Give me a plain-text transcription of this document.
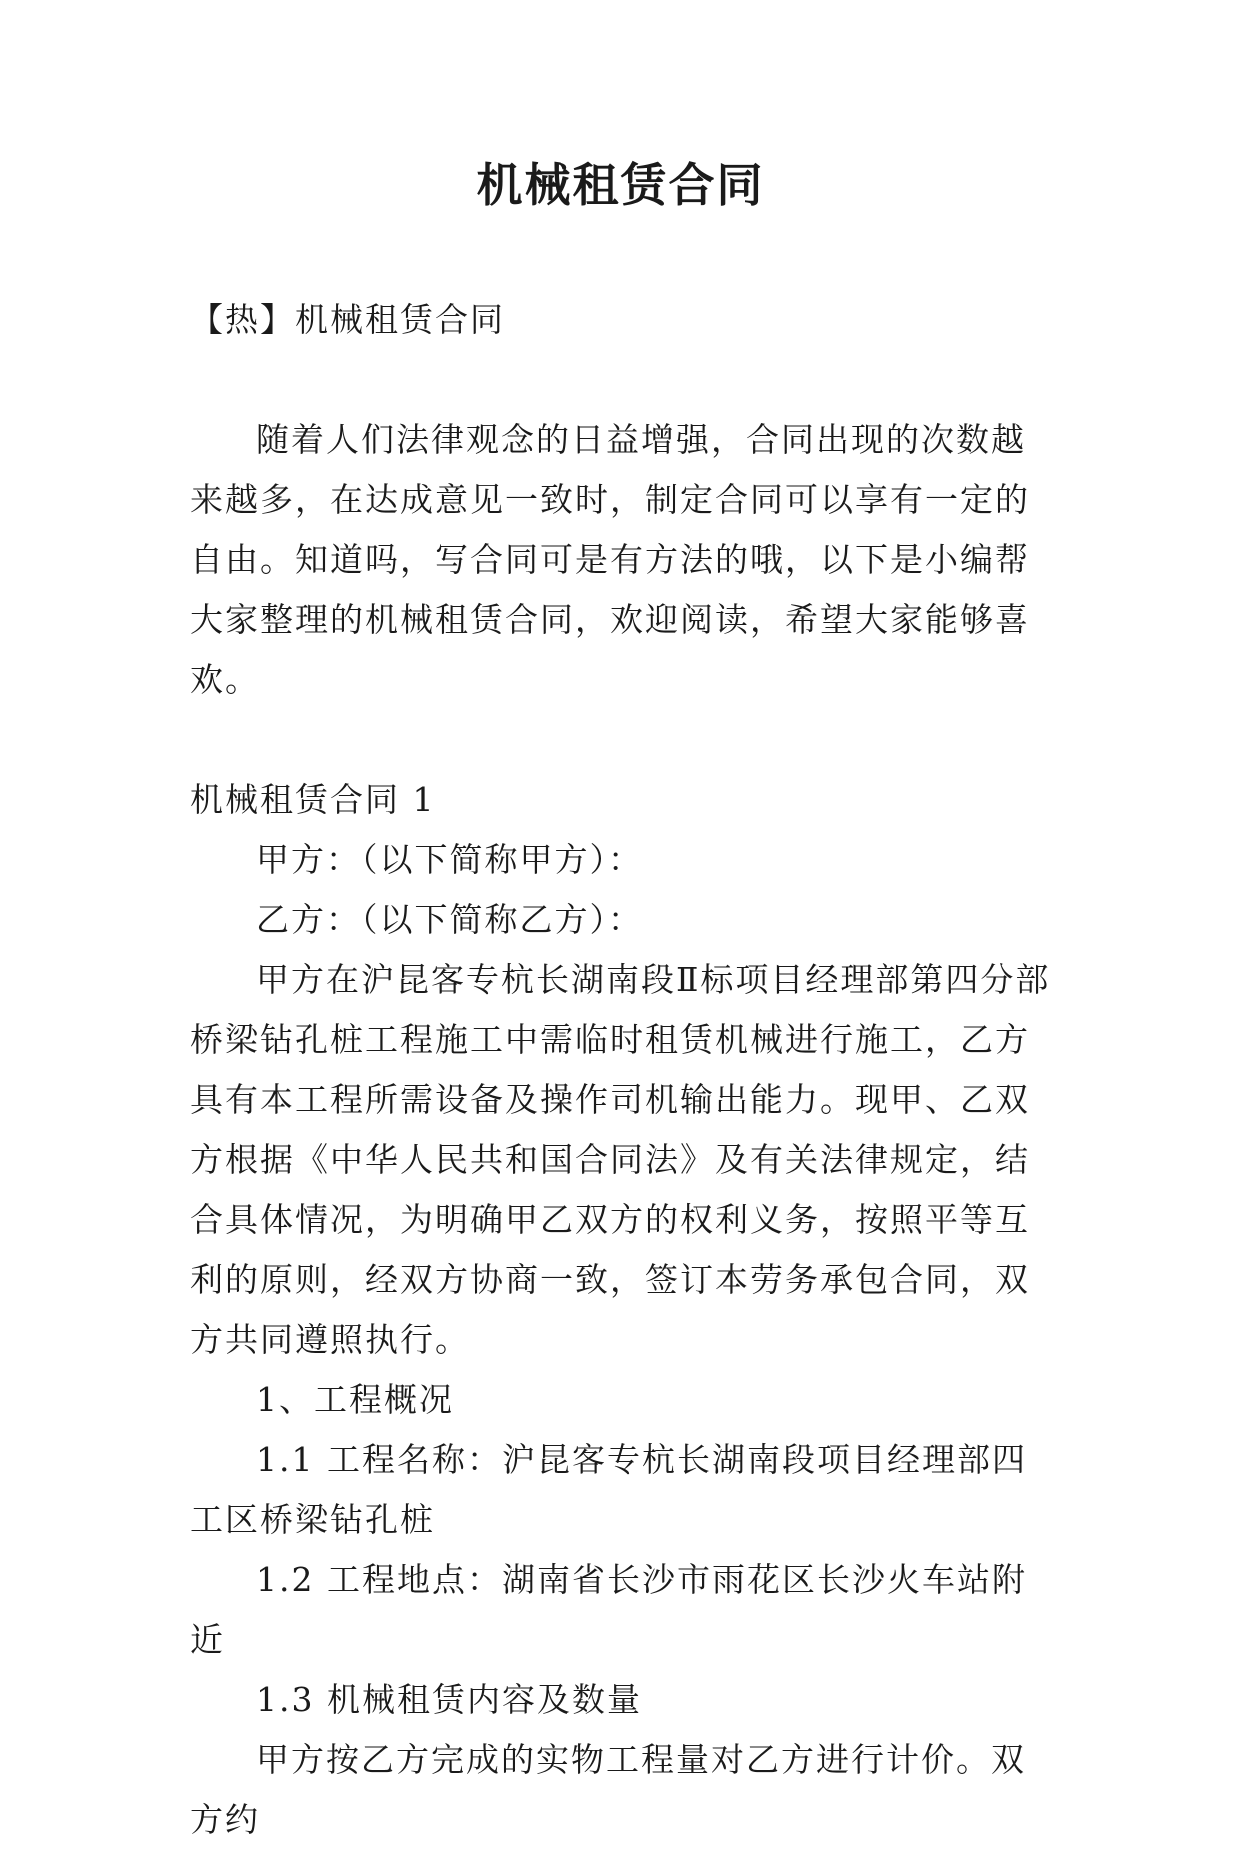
机械租赁合同

【热】机械租赁合同

随着人们法律观念的日益增强，合同出现的次数越来越多，在达成意见一致时，制定合同可以享有一定的自由。知道吗，写合同可是有方法的哦，以下是小编帮大家整理的机械租赁合同，欢迎阅读，希望大家能够喜欢。

机械租赁合同 1

甲方：（以下简称甲方）：

乙方：（以下简称乙方）：

甲方在沪昆客专杭长湖南段Ⅱ标项目经理部第四分部桥梁钻孔桩工程施工中需临时租赁机械进行施工，乙方具有本工程所需设备及操作司机输出能力。现甲、乙双方根据《中华人民共和国合同法》及有关法律规定，结合具体情况，为明确甲乙双方的权利义务，按照平等互利的原则，经双方协商一致，签订本劳务承包合同，双方共同遵照执行。

1、工程概况

1.1 工程名称：沪昆客专杭长湖南段项目经理部四工区桥梁钻孔桩

1.2 工程地点：湖南省长沙市雨花区长沙火车站附近

1.3 机械租赁内容及数量

甲方按乙方完成的实物工程量对乙方进行计价。双方约
